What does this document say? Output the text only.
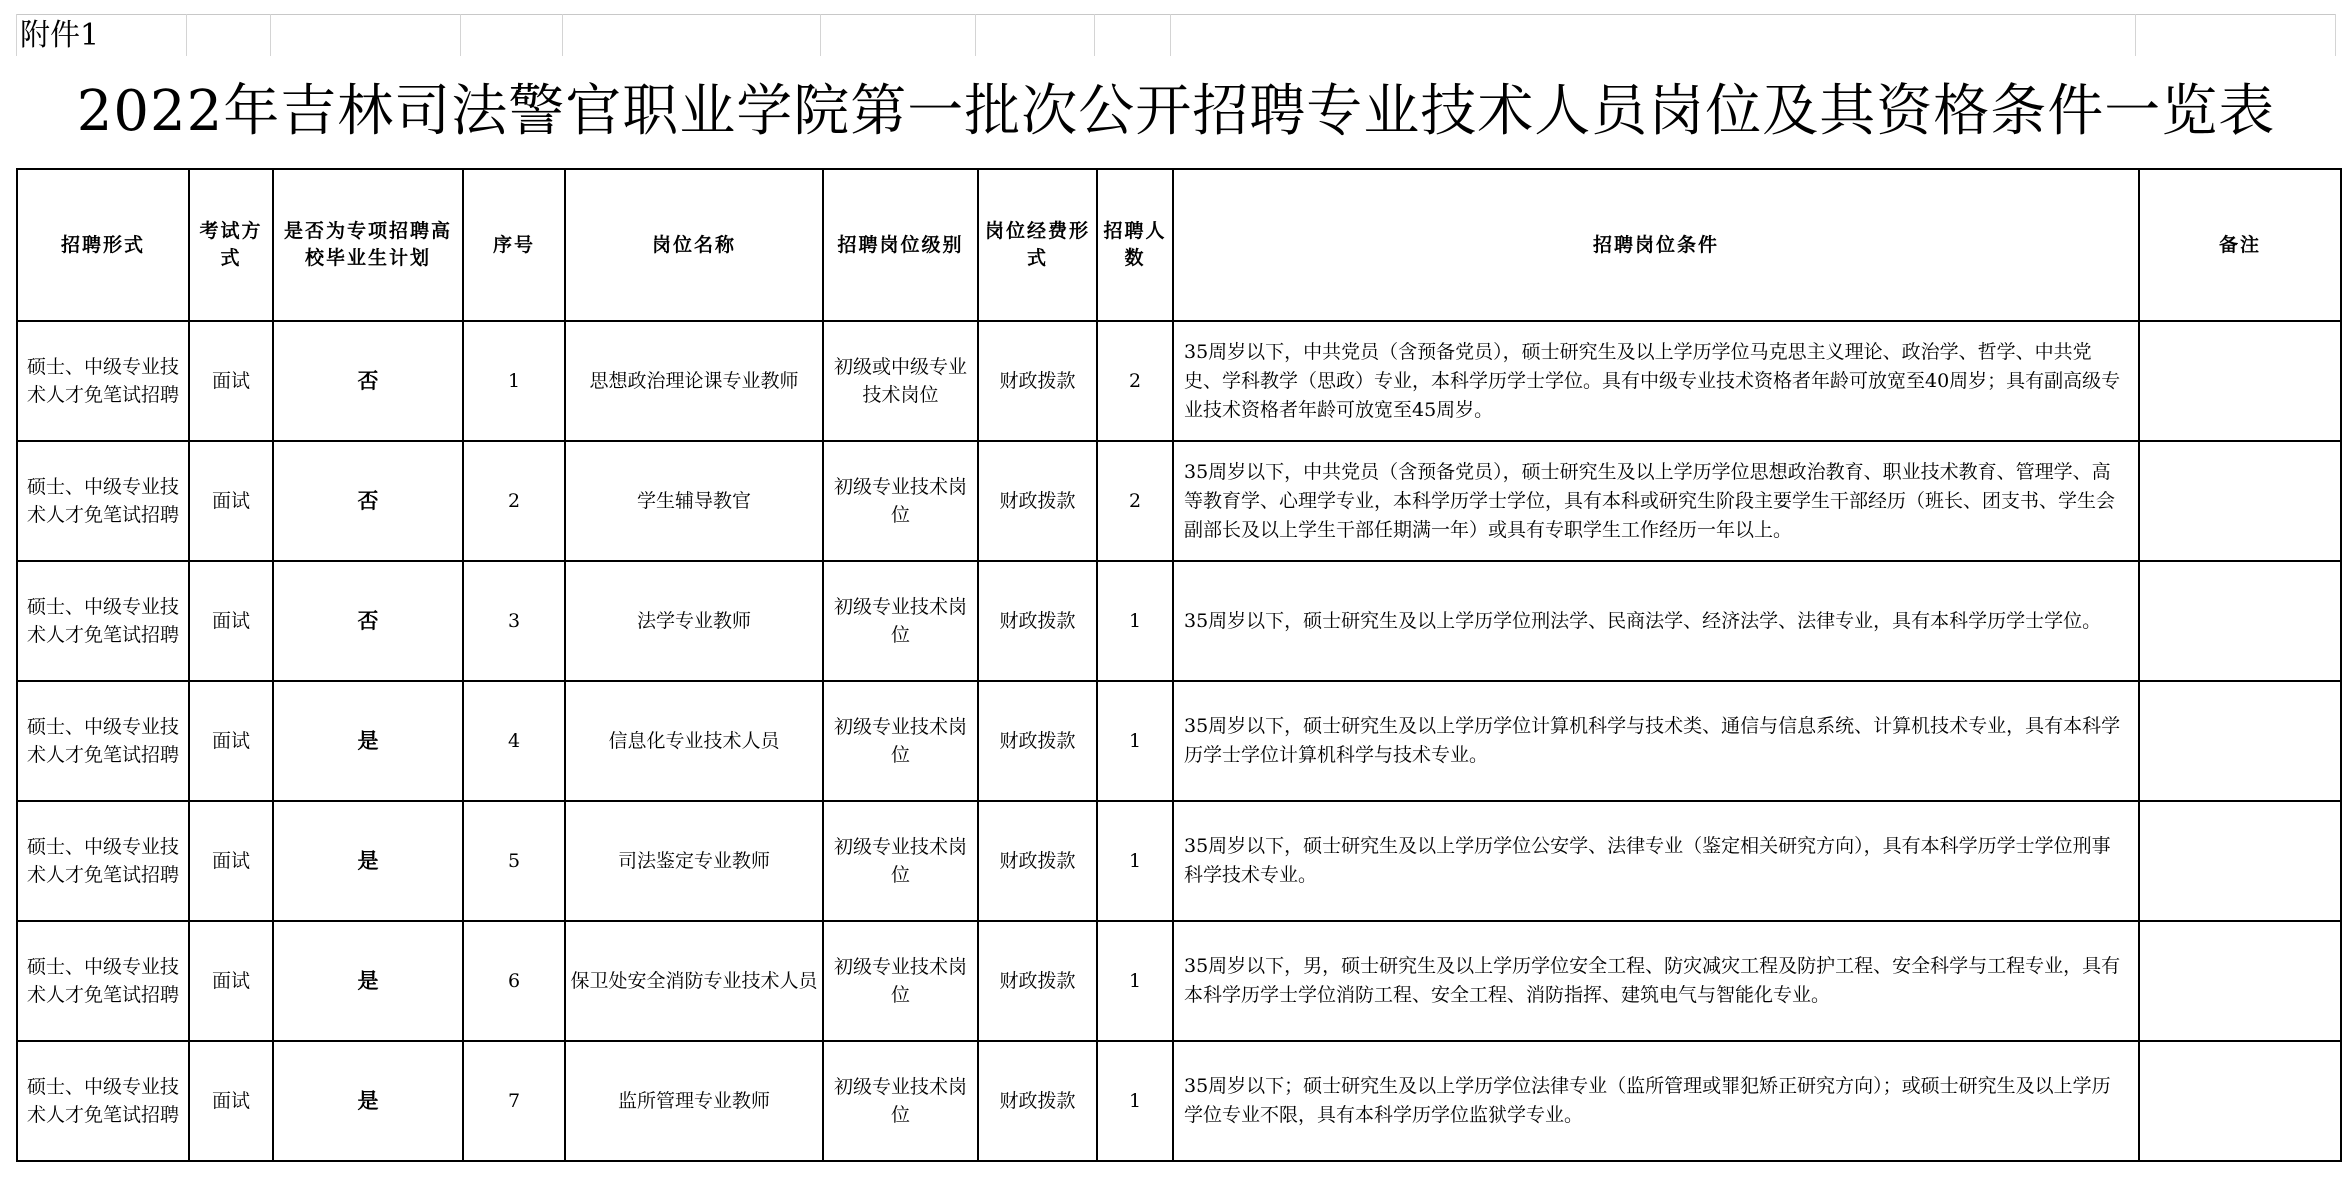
附件1
2022年吉林司法警官职业学院第一批次公开招聘专业技术人员岗位及其资格条件一览表
招聘形式	考试方式	是否为专项招聘高校毕业生计划	序号	岗位名称	招聘岗位级别	岗位经费形式	招聘人数	招聘岗位条件	备注
硕士、中级专业技术人才免笔试招聘	面试	否	1	思想政治理论课专业教师	初级或中级专业技术岗位	财政拨款	2	35周岁以下，中共党员（含预备党员），硕士研究生及以上学历学位马克思主义理论、政治学、哲学、中共党史、学科教学（思政）专业，本科学历学士学位。具有中级专业技术资格者年龄可放宽至40周岁；具有副高级专业技术资格者年龄可放宽至45周岁。	
硕士、中级专业技术人才免笔试招聘	面试	否	2	学生辅导教官	初级专业技术岗位	财政拨款	2	35周岁以下，中共党员（含预备党员），硕士研究生及以上学历学位思想政治教育、职业技术教育、管理学、高等教育学、心理学专业，本科学历学士学位，具有本科或研究生阶段主要学生干部经历（班长、团支书、学生会副部长及以上学生干部任期满一年）或具有专职学生工作经历一年以上。	
硕士、中级专业技术人才免笔试招聘	面试	否	3	法学专业教师	初级专业技术岗位	财政拨款	1	35周岁以下，硕士研究生及以上学历学位刑法学、民商法学、经济法学、法律专业，具有本科学历学士学位。	
硕士、中级专业技术人才免笔试招聘	面试	是	4	信息化专业技术人员	初级专业技术岗位	财政拨款	1	35周岁以下，硕士研究生及以上学历学位计算机科学与技术类、通信与信息系统、计算机技术专业，具有本科学历学士学位计算机科学与技术专业。	
硕士、中级专业技术人才免笔试招聘	面试	是	5	司法鉴定专业教师	初级专业技术岗位	财政拨款	1	35周岁以下，硕士研究生及以上学历学位公安学、法律专业（鉴定相关研究方向），具有本科学历学士学位刑事科学技术专业。	
硕士、中级专业技术人才免笔试招聘	面试	是	6	保卫处安全消防专业技术人员	初级专业技术岗位	财政拨款	1	35周岁以下，男，硕士研究生及以上学历学位安全工程、防灾减灾工程及防护工程、安全科学与工程专业，具有本科学历学士学位消防工程、安全工程、消防指挥、建筑电气与智能化专业。	
硕士、中级专业技术人才免笔试招聘	面试	是	7	监所管理专业教师	初级专业技术岗位	财政拨款	1	35周岁以下；硕士研究生及以上学历学位法律专业（监所管理或罪犯矫正研究方向）；或硕士研究生及以上学历学位专业不限，具有本科学历学位监狱学专业。	
